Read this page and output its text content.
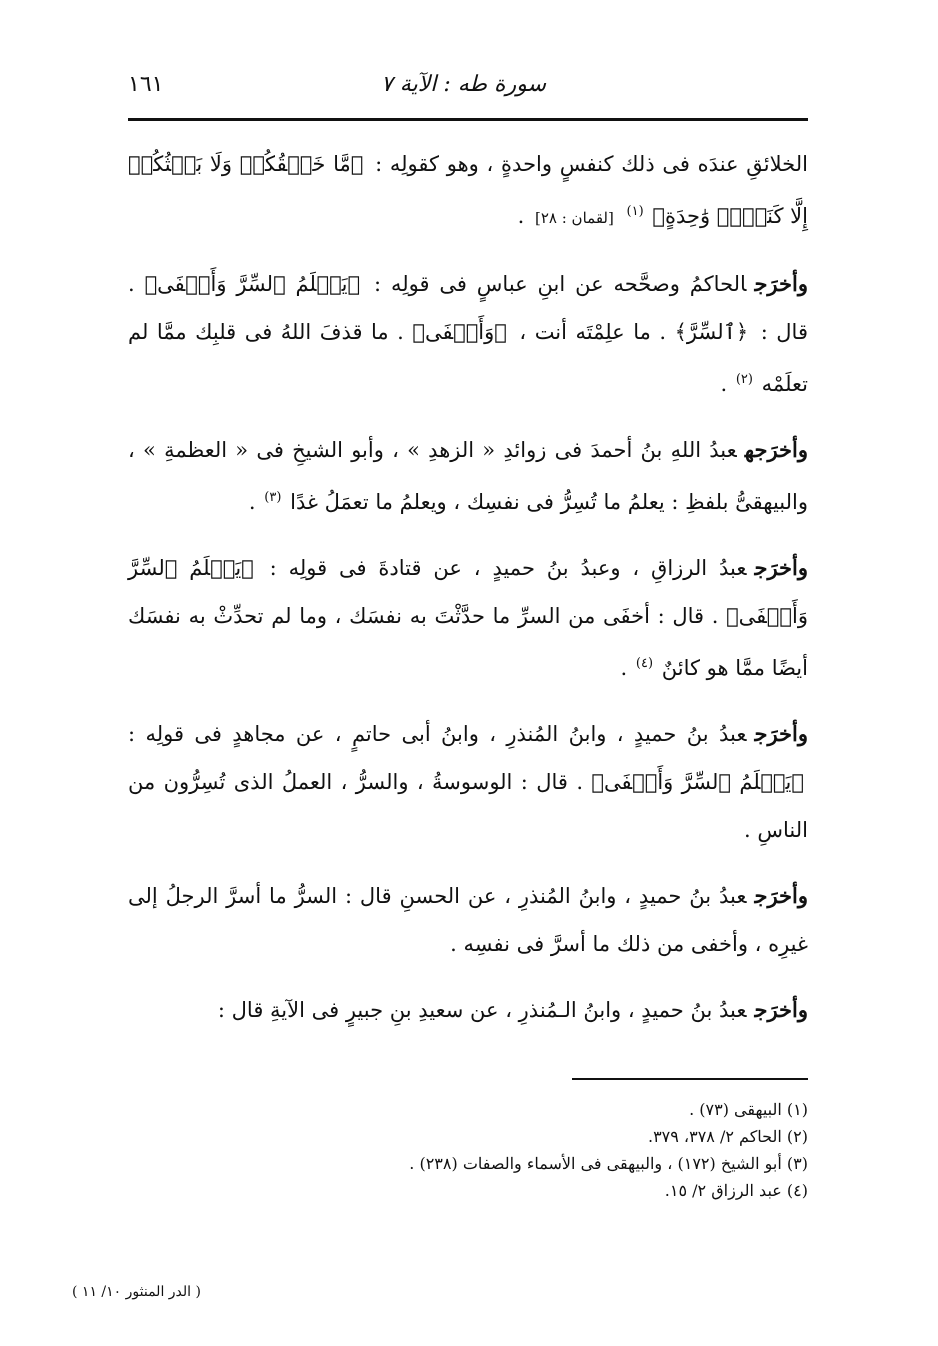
سورة طه : الآية ٧
١٦١

الخلائقِ عندَه فى ذلك كنفسٍ واحدةٍ ، وهو كقولِه : ﴿مَّا خَلۡقُكُمۡ وَلَا بَعۡثُكُمۡ إِلَّا كَنَفۡسٖ وَٰحِدَةٍ﴾ $^{(١)}$ [لقمان : ٢٨] .

وأخرَجالحاكمُ وصحَّحه عن ابنِ عباسٍ فى قولِه : ﴿يَعۡلَمُ ٱلسِّرَّ وَأَخۡفَى﴾ . قال : ﴿ٱلسِّرَّ﴾ . ما علِمْتَه أنت ، ﴿وَأَخۡفَى﴾ . ما قذفَ اللهُ فى قلبِك ممَّا لم تعلَمْه $^{(٢)}$ .

وأخرَجهعبدُ اللهِ بنُ أحمدَ فى زوائدِ « الزهدِ » ، وأبو الشيخِ فى « العظمةِ » ، والبيهقىُّ بلفظِ : يعلمُ ما تُسِرُّ فى نفسِك ، ويعلمُ ما تعمَلُ غدًا $^{(٣)}$ .

وأخرَجعبدُ الرزاقِ ، وعبدُ بنُ حميدٍ ، عن قتادةَ فى قولِه : ﴿يَعۡلَمُ ٱلسِّرَّ وَأَخۡفَى﴾ . قال : أخفَى من السرِّ ما حدَّثْتَ به نفسَك ، وما لم تحدِّثْ به نفسَك أيضًا ممَّا هو كائنٌ $^{(٤)}$ .

وأخرَجعبدُ بنُ حميدٍ ، وابنُ المُنذرِ ، وابنُ أبى حاتمٍ ، عن مجاهدٍ فى قولِه : ﴿يَعۡلَمُ ٱلسِّرَّ وَأَخۡفَى﴾ . قال : الوسوسةُ ، والسرُّ ، العملُ الذى تُسِرُّون من الناسِ .

وأخرَجعبدُ بنُ حميدٍ ، وابنُ المُنذرِ ، عن الحسنِ قال : السرُّ ما أسرَّ الرجلُ إلى غيرِه ، وأخفى من ذلك ما أسرَّ فى نفسِه .

وأخرَجعبدُ بنُ حميدٍ ، وابنُ الـمُنذرِ ، عن سعيدِ بنِ جبيرٍ فى الآيةِ قال :

(١) البيهقى (٧٣) .
(٢) الحاكم ٢/ ٣٧٨، ٣٧٩.
(٣) أبو الشيخ (١٧٢) ، والبيهقى فى الأسماء والصفات (٢٣٨) .
(٤) عبد الرزاق ٢/ ١٥.
( الدر المنثور ١٠/ ١١ )
